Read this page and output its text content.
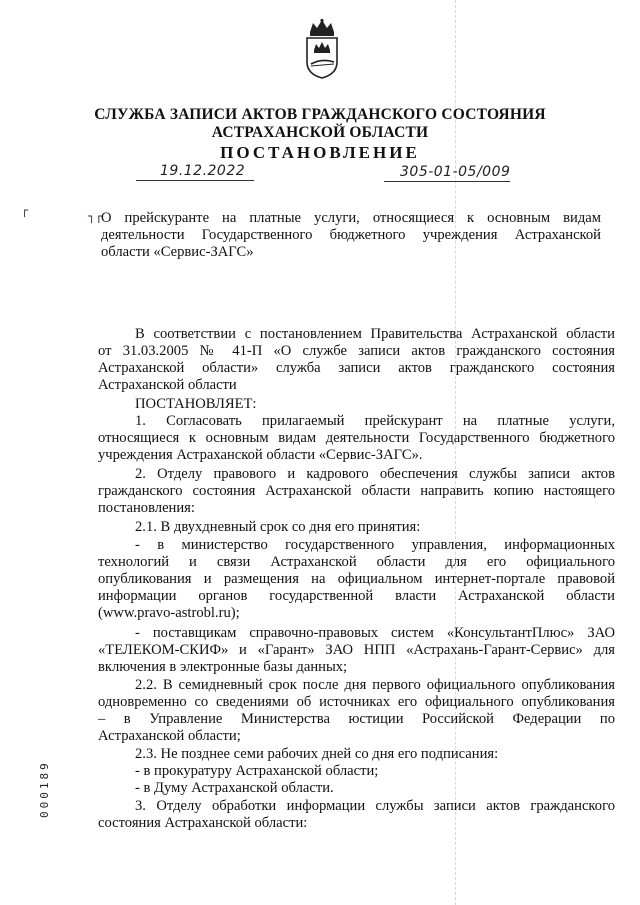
СЛУЖБА ЗАПИСИ АКТОВ ГРАЖДАНСКОГО СОСТОЯНИЯ
АСТРАХАНСКОЙ ОБЛАСТИ
ПОСТАНОВЛЕНИЕ
19.12.2022	305-01-05/009
┌	┐┌
О прейскуранте на платные услуги, относящиеся к основным видам
деятельности Государственного бюджетного учреждения Астраханской
области «Сервис-ЗАГС»
В соответствии с постановлением Правительства Астраханской области
от 31.03.2005 № 41-П «О службе записи актов гражданского состояния
Астраханской области» служба записи актов гражданского состояния
Астраханской области
ПОСТАНОВЛЯЕТ:
1. Согласовать прилагаемый прейскурант на платные услуги,
относящиеся к основным видам деятельности Государственного бюджетного
учреждения Астраханской области «Сервис-ЗАГС».
2. Отделу правового и кадрового обеспечения службы записи актов
гражданского состояния Астраханской области направить копию настоящего
постановления:
2.1. В двухдневный срок со дня его принятия:
- в министерство государственного управления, информационных
технологий и связи Астраханской области для его официального
опубликования и размещения на официальном интернет-портале правовой
информации органов государственной власти Астраханской области
(www.pravo-astrobl.ru);
- поставщикам справочно-правовых систем «КонсультантПлюс» ЗАО
«ТЕЛЕКОМ-СКИФ» и «Гарант» ЗАО НПП «Астрахань-Гарант-Сервис» для
включения в электронные базы данных;
2.2. В семидневный срок после дня первого официального опубликования
одновременно со сведениями об источниках его официального опубликования
– в Управление Министерства юстиции Российской Федерации по
Астраханской области;
2.3. Не позднее семи рабочих дней со дня его подписания:
- в прокуратуру Астраханской области;
- в Думу Астраханской области.
3. Отделу обработки информации службы записи актов гражданского
состояния Астраханской области:
000189
